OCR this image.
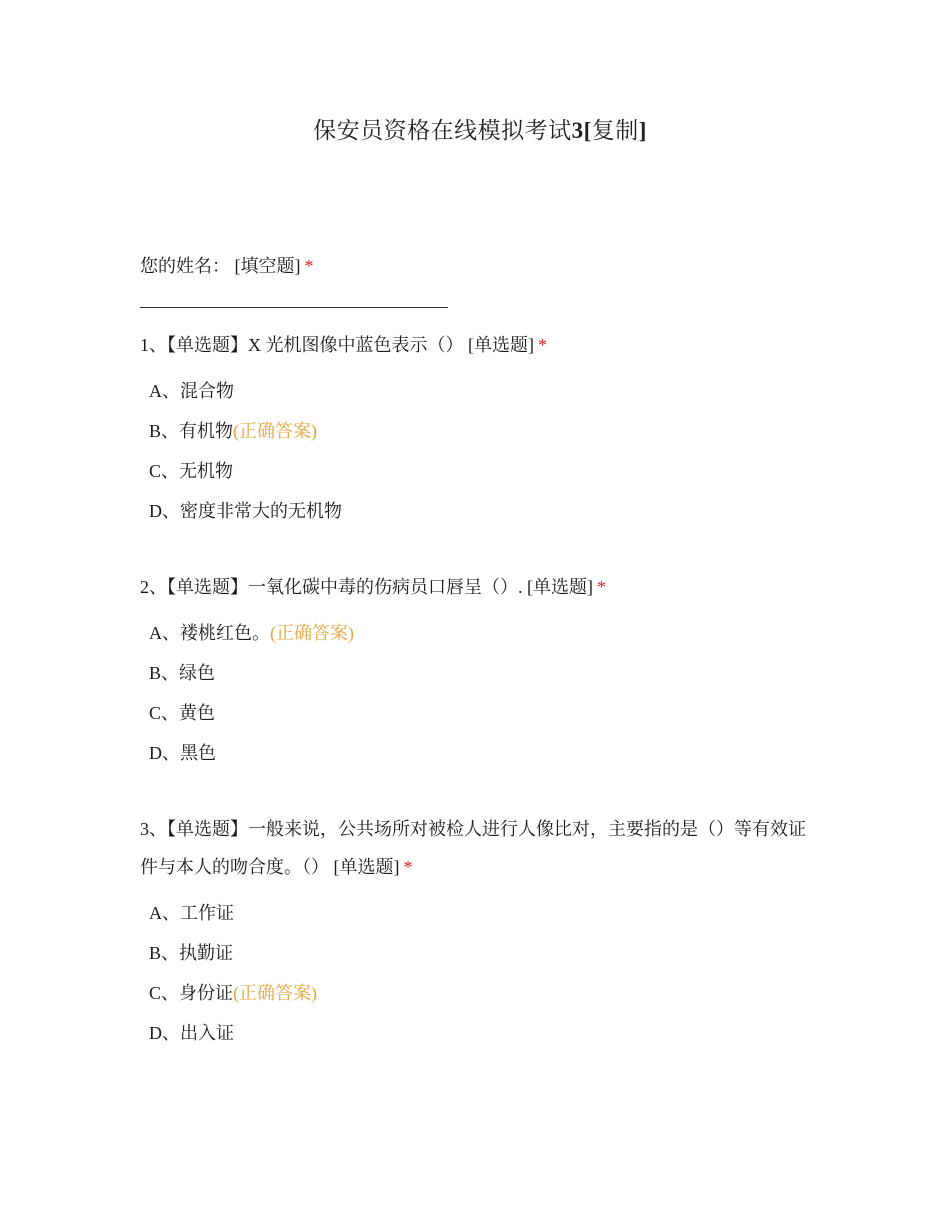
保安员资格在线模拟考试3[复制]
您的姓名： [填空题] *
1、【单选题】X 光机图像中蓝色表示（） [单选题] *
A、混合物
B、有机物(正确答案)
C、无机物
D、密度非常大的无机物
2、【单选题】一氧化碳中毒的伤病员口唇呈（）. [单选题] *
A、褛桃红色。(正确答案)
B、绿色
C、黄色
D、黑色
3、【单选题】一般来说，公共场所对被检人进行人像比对，主要指的是（）等有效证件与本人的吻合度。（） [单选题] *
A、工作证
B、执勤证
C、身份证(正确答案)
D、出入证
